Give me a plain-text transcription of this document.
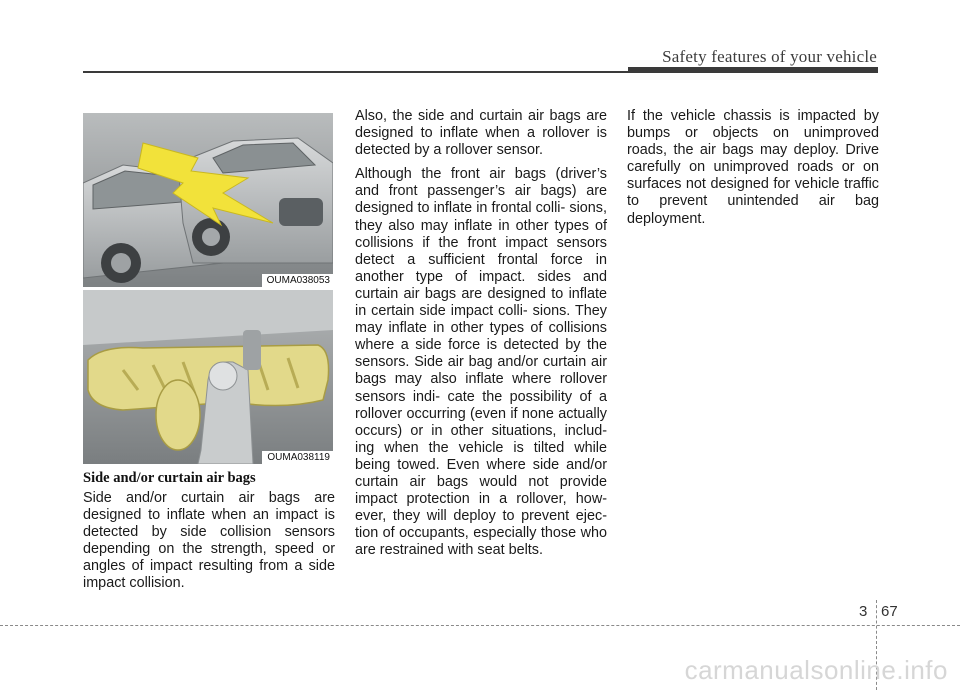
Safety features of your vehicle
OUMA038053
OUMA038119
Side and/or curtain air bags

Side and/or curtain air bags are designed to inflate when an impact is detected by side collision sensors depending on the strength, speed or angles of impact resulting from a side impact collision.

Also, the side and curtain air bags are designed to inflate when a rollover is detected by a rollover sensor.

Although the front air bags (driver’s and front passenger’s air bags) are designed to inflate in frontal colli- sions, they also may inflate in other types of collisions if the front impact sensors detect a sufficient frontal force in another type of impact. sides and curtain air bags are designed to inflate in certain side impact colli- sions. They may inflate in other types of collisions where a side force is detected by the sensors. Side air bag and/or curtain air bags may also inflate where rollover sensors indi- cate the possibility of a rollover occurring (even if none actually occurs) or in other situations, includ- ing when the vehicle is tilted while being towed. Even where side and/or curtain air bags would not provide impact protection in a rollover, how- ever, they will deploy to prevent ejec- tion of occupants, especially those who are restrained with seat belts.

If the vehicle chassis is impacted by bumps or objects on unimproved roads, the air bags may deploy. Drive carefully on unimproved roads or on surfaces not designed for vehicle traffic to prevent unintended air bag deployment.

3 67
carmanualsonline.info
